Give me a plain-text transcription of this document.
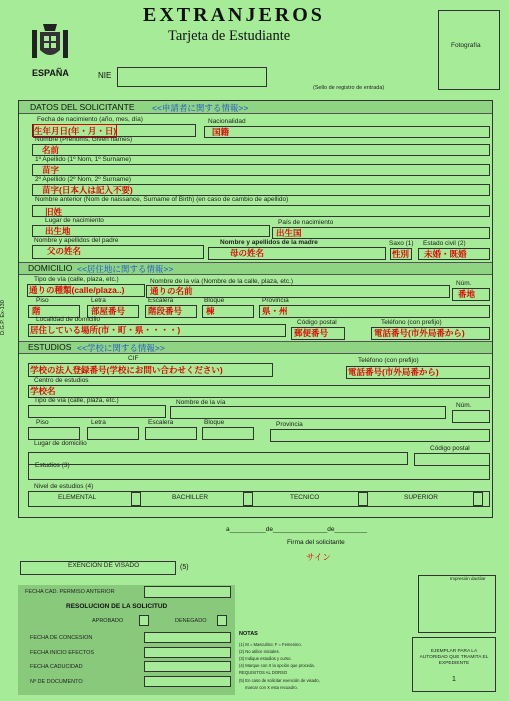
EXTRANJEROS
Tarjeta de Estudiante
ESPAÑA	NIE
Fotografía
(Sello de registro de entrada)
D.G.P. Ex-130
DATOS DEL SOLICITANTE <<申請者に関する情報>>
Fecha de nacimiento (año, mes, día)
生年月日(年・月・日)
Nacionalidad
国籍
Nombre (Prénoms, Given names)
名前
1º Apellido (1º Nom, 1º Surname)
苗字
2º Apellido (2º Nom, 2º Surname)
苗字(日本人は記入不要)
Nombre anterior (Nom de naissance, Surname of Birth) (en caso de cambio de apellido)
旧姓
Lugar de nacimiento
出生地
País de nacimiento
出生国
Nombre y apellidos del padre
父の姓名
Nombre y apellidos de la madre
母の姓名
Saxo (1)
性別
Estado civil (2)
未婚・既婚
DOMICILIO <<居住地に関する情報>>
Tipo de vía (calle, plaza, etc.)
通りの種類(calle/plaza..)
Nombre de la vía (Nombre de la calle, plaza, etc.)
通りの名前
Núm.
番地
Piso
階
Letra
部屋番号
Escalera
階段番号
Bloque
棟
Provincia
県・州
Localidad de domicilio
居住している場所(市・町・県・・・・)
Código postal
郵便番号
Teléfono (con prefijo)
電話番号(市外局番から)
ESTUDIOS <<学校に関する情報>>
CIF
学校の法人登録番号(学校にお問い合わせください)
Teléfono (con prefijo)
電話番号(市外局番から)
Centro de estudios
学校名
Tipo de vía (calle, plaza, etc.)	Nombre de la vía	Núm.
Piso	Letra	Escalera	Bloque	Provincia
Lugar de domicilio
Código postal
Estudios (3)
Nivel de estudios (4)
ELEMENTAL	BACHILLER	TECNICO	SUPERIOR
a__________de_______________de_________
Firma del solicitante
サイン
EXENCIÓN DE VISADO	(5)
Impresión dactilar
FECHA CAD. PERMISO ANTERIOR
RESOLUCION DE LA SOLICITUD
APROBADO	DENEGADO
FECHA DE CONCESION
FECHA INICIO EFECTOS
FECHA CADUCIDAD
Nº DE DOCUMENTO
NOTAS
(1) M = Masculino; F = Femenino.
(2) No utilice iniciales.
(3) Indique estudios y curso.
(4) Marque con X la opción que proceda.
REQUISITOS AL DORSO
(5) En caso de solicitar exención de visado,
marcar con X esta recuadro.
EJEMPLAR PARA LA AUTORIDAD QUE TRAMITA EL EXPEDIENTE
1
